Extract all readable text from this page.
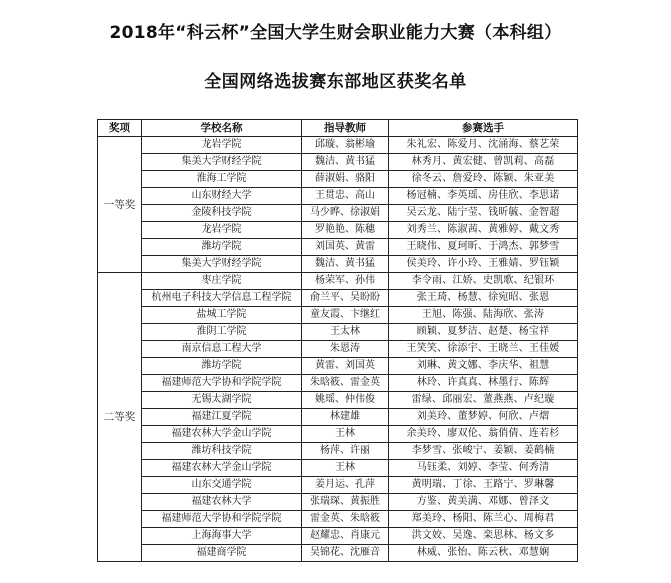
2018年“科云杯”全国大学生财会职业能力大赛（本科组）
全国网络选拔赛东部地区获奖名单
奖项	学校名称	指导教师	参赛选手
一等奖	龙岩学院	邱璇、翁彬瑜	朱礼宏、陈爱月、沈涌海、蔡艺荣
	集美大学财经学院	魏洁、黄书猛	林秀月、黄宏健、曾凯莉、高磊
	淮海工学院	薛淑娟、骆阳	徐冬云、詹爱玲、陈颖、朱亚美
	山东财经大学	王贯忠、高山	杨冠楠、李英瑶、房佳欣、李思诺
	金陵科技学院	马少晔、徐淑娟	吴云龙、陆宁莹、钱昕毓、金智超
	龙岩学院	罗艳艳、陈穗	刘秀兰、陈淑茜、黄雅婷、戴文秀
	潍坊学院	刘国英、黄雷	王晓伟、夏珂昕、于鸿杰、郭梦雪
	集美大学财经学院	魏洁、黄书猛	侯美玲、许小玲、王雅婧、罗钰颖
二等奖	枣庄学院	杨荣军、孙伟	李令雨、江娇、史凯歌、纪银环
	杭州电子科技大学信息工程学院	俞兰平、吴盼盼	张王琦、杨慧、徐宛昭、张恩
	盐城工学院	童友霞、卞继红	王旭、陈强、陆海欣、张涛
	淮阴工学院	王太林	顾颖、夏梦洁、赵楚、杨宝祥
	南京信息工程大学	朱恩涛	王笑笑、徐添宇、王晓兰、王佳媛
	潍坊学院	黄雷、刘国英	刘琳、黄文娜、李庆华、祖慧
	福建师范大学协和学院学院	朱晗筱、雷金英	林玲、许真真、林墨行、陈辉
	无锡太湖学院	姚瑶、仲伟俊	雷绿、邱丽宏、董燕燕、卢纪璇
	福建江夏学院	林建雄	刘美玲、董梦婷、何欣、卢熠
	福建农林大学金山学院	王林	余美玲、廖双伦、翁俏倩、连若杉
	潍坊科技学院	杨萍、许丽	李梦雪、张峻宁、姜颖、姜鹤楠
	福建农林大学金山学院	王林	马钰柔、刘婷、李莹、何秀清
	山东交通学院	姜月运、孔萍	黄明瑞、丁徐、王路宁、罗琳馨
	福建农林大学	张瑞琛、黄振胜	方鉴、黄美满、邓娜、曾泽文
	福建师范大学协和学院学院	雷金英、朱晗筱	郑美玲、杨阳、陈兰心、周梅君
	上海海事大学	赵耀忠、肖康元	洪文姣、吴逸、栾思林、杨文多
	福建商学院	吴锦花、沈雁音	林威、张怡、陈云秋、邓慧娴
